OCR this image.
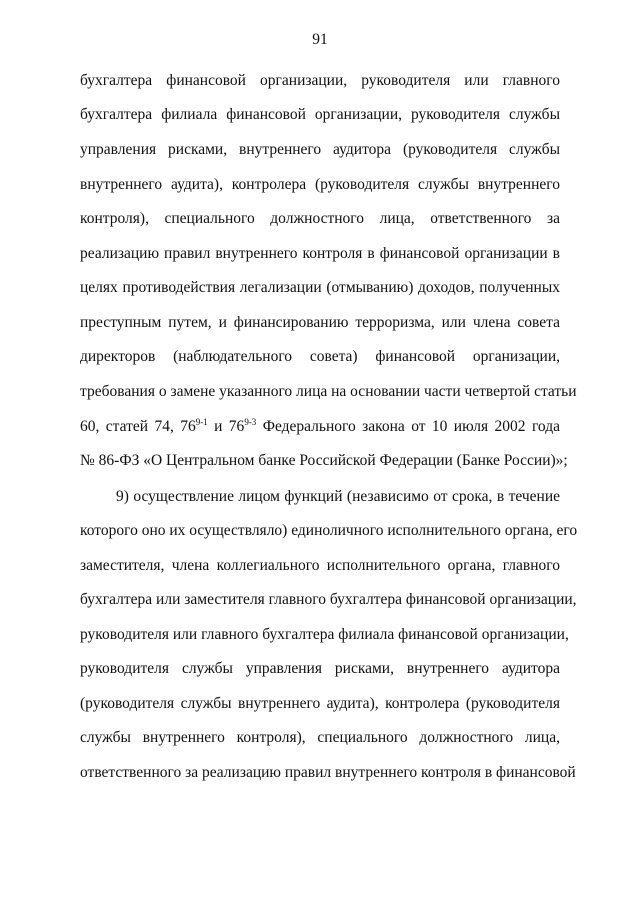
91
бухгалтера финансовой организации, руководителя или главного
бухгалтера филиала финансовой организации, руководителя службы
управления рисками, внутреннего аудитора (руководителя службы
внутреннего аудита), контролера (руководителя службы внутреннего
контроля), специального должностного лица, ответственного за
реализацию правил внутреннего контроля в финансовой организации в
целях противодействия легализации (отмыванию) доходов, полученных
преступным путем, и финансированию терроризма, или члена совета
директоров (наблюдательного совета) финансовой организации,
требования о замене указанного лица на основании части четвертой статьи
60, статей 74, 76$^{9-1}$ и 76$^{9-3}$ Федерального закона от 10 июля 2002 года
№ 86-ФЗ «О Центральном банке Российской Федерации (Банке России)»;
9) осуществление лицом функций (независимо от срока, в течение
которого оно их осуществляло) единоличного исполнительного органа, его
заместителя, члена коллегиального исполнительного органа, главного
бухгалтера или заместителя главного бухгалтера финансовой организации,
руководителя или главного бухгалтера филиала финансовой организации,
руководителя службы управления рисками, внутреннего аудитора
(руководителя службы внутреннего аудита), контролера (руководителя
службы внутреннего контроля), специального должностного лица,
ответственного за реализацию правил внутреннего контроля в финансовой
